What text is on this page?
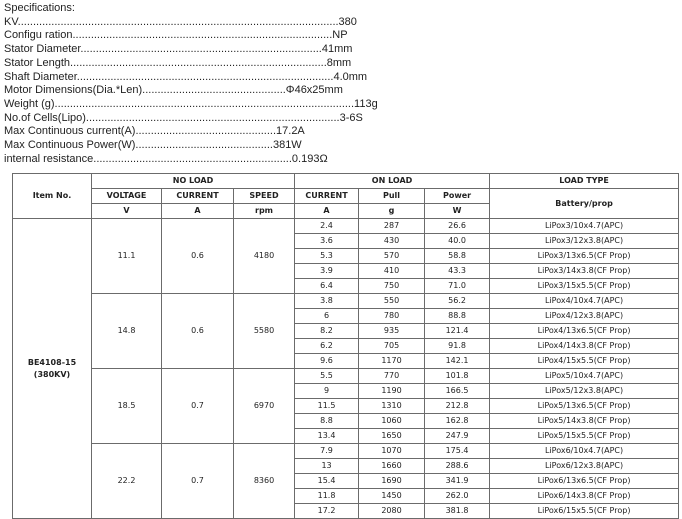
Specifications:
KV.........................................................................................................380
Configu ration.....................................................................................NP
Stator Diameter...............................................................................41mm
Stator Length....................................................................................8mm
Shaft Diameter....................................................................................4.0mm
Motor Dimensions(Dia.*Len)...............................................Φ46x25mm
Weight (g)..................................................................................................113g
No.of Cells(Lipo)...................................................................................3-6S
Max Continuous current(A)..............................................17.2A
Max Continuous Power(W).............................................381W
internal resistance.................................................................0.193Ω
Item No.	NO LOAD			ON LOAD			LOAD TYPE
	VOLTAGE	CURRENT	SPEED	CURRENT	Pull	Power	Battery/prop
	V	A	rpm	A	g	W	
BE4108-15
(380KV)	11.1	0.6	4180	2.4	287	26.6	LiPox3/10x4.7(APC)
				3.6	430	40.0	LiPox3/12x3.8(APC)
				5.3	570	58.8	LiPox3/13x6.5(CF Prop)
				3.9	410	43.3	LiPox3/14x3.8(CF Prop)
				6.4	750	71.0	LiPox3/15x5.5(CF Prop)
	14.8	0.6	5580	3.8	550	56.2	LiPox4/10x4.7(APC)
				6	780	88.8	LiPox4/12x3.8(APC)
				8.2	935	121.4	LiPox4/13x6.5(CF Prop)
				6.2	705	91.8	LiPox4/14x3.8(CF Prop)
				9.6	1170	142.1	LiPox4/15x5.5(CF Prop)
	18.5	0.7	6970	5.5	770	101.8	LiPox5/10x4.7(APC)
				9	1190	166.5	LiPox5/12x3.8(APC)
				11.5	1310	212.8	LiPox5/13x6.5(CF Prop)
				8.8	1060	162.8	LiPox5/14x3.8(CF Prop)
				13.4	1650	247.9	LiPox5/15x5.5(CF Prop)
	22.2	0.7	8360	7.9	1070	175.4	LiPox6/10x4.7(APC)
				13	1660	288.6	LiPox6/12x3.8(APC)
				15.4	1690	341.9	LiPox6/13x6.5(CF Prop)
				11.8	1450	262.0	LiPox6/14x3.8(CF Prop)
				17.2	2080	381.8	LiPox6/15x5.5(CF Prop)
